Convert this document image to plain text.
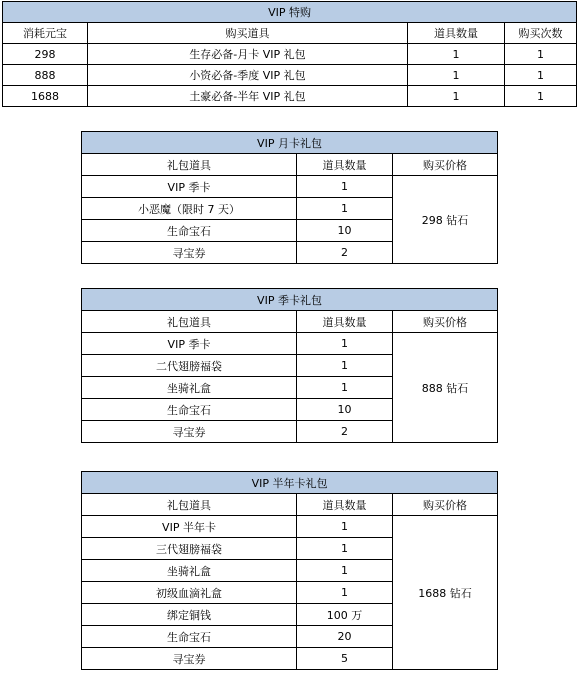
VIP 特购			
消耗元宝	购买道具	道具数量	购买次数
298	生存必备-月卡 VIP 礼包	1	1
888	小资必备-季度 VIP 礼包	1	1
1688	土豪必备-半年 VIP 礼包	1	1
VIP 月卡礼包		
礼包道具	道具数量	购买价格
VIP 季卡	1	298 钻石
小恶魔（限时 7 天）	1	
生命宝石	10	
寻宝券	2	
VIP 季卡礼包		
礼包道具	道具数量	购买价格
VIP 季卡	1	888 钻石
二代翅膀福袋	1	
坐骑礼盒	1	
生命宝石	10	
寻宝券	2	
VIP 半年卡礼包		
礼包道具	道具数量	购买价格
VIP 半年卡	1	1688 钻石
三代翅膀福袋	1	
坐骑礼盒	1	
初级血滴礼盒	1	
绑定铜钱	100 万	
生命宝石	20	
寻宝券	5	
